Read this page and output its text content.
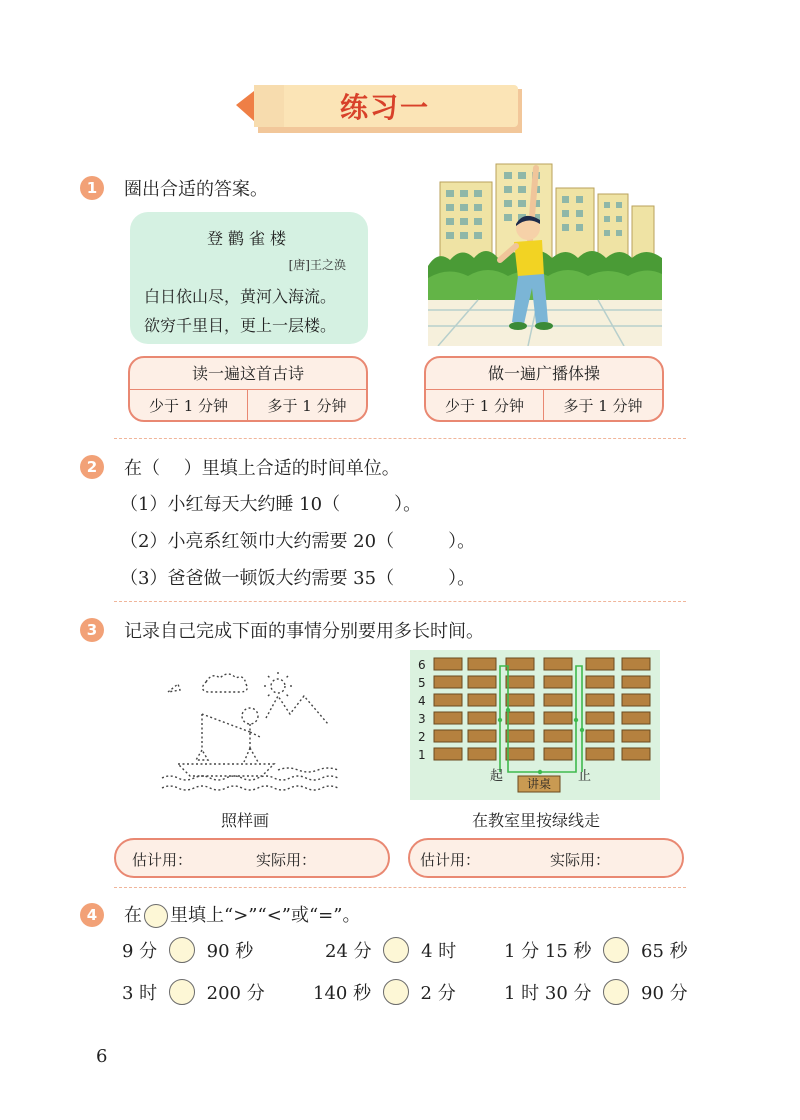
练习一
1	圈出合适的答案。
登鹳雀楼
[唐]王之涣
白日依山尽，黄河入海流。
欲穷千里目，更上一层楼。
读一遍这首古诗
少于 1 分钟	多于 1 分钟
做一遍广播体操
少于 1 分钟	多于 1 分钟
2	在（　 ）里填上合适的时间单位。
（1）小红每天大约睡 10（　　　）。
（2）小亮系红领巾大约需要 20（　　　）。
（3）爸爸做一顿饭大约需要 35（　　　）。
3	记录自己完成下面的事情分别要用多长时间。
6
5
4
3
2
1
起	止
讲桌
照样画	在教室里按绿线走
估计用：	实际用：	估计用：	实际用：
4	在 里填上“>”“<”或“=”。
9 分	90 秒	24 分	4 时	1 分 15 秒	65 秒
3 时	200 分	140 秒	2 分	1 时 30 分	90 分
6
